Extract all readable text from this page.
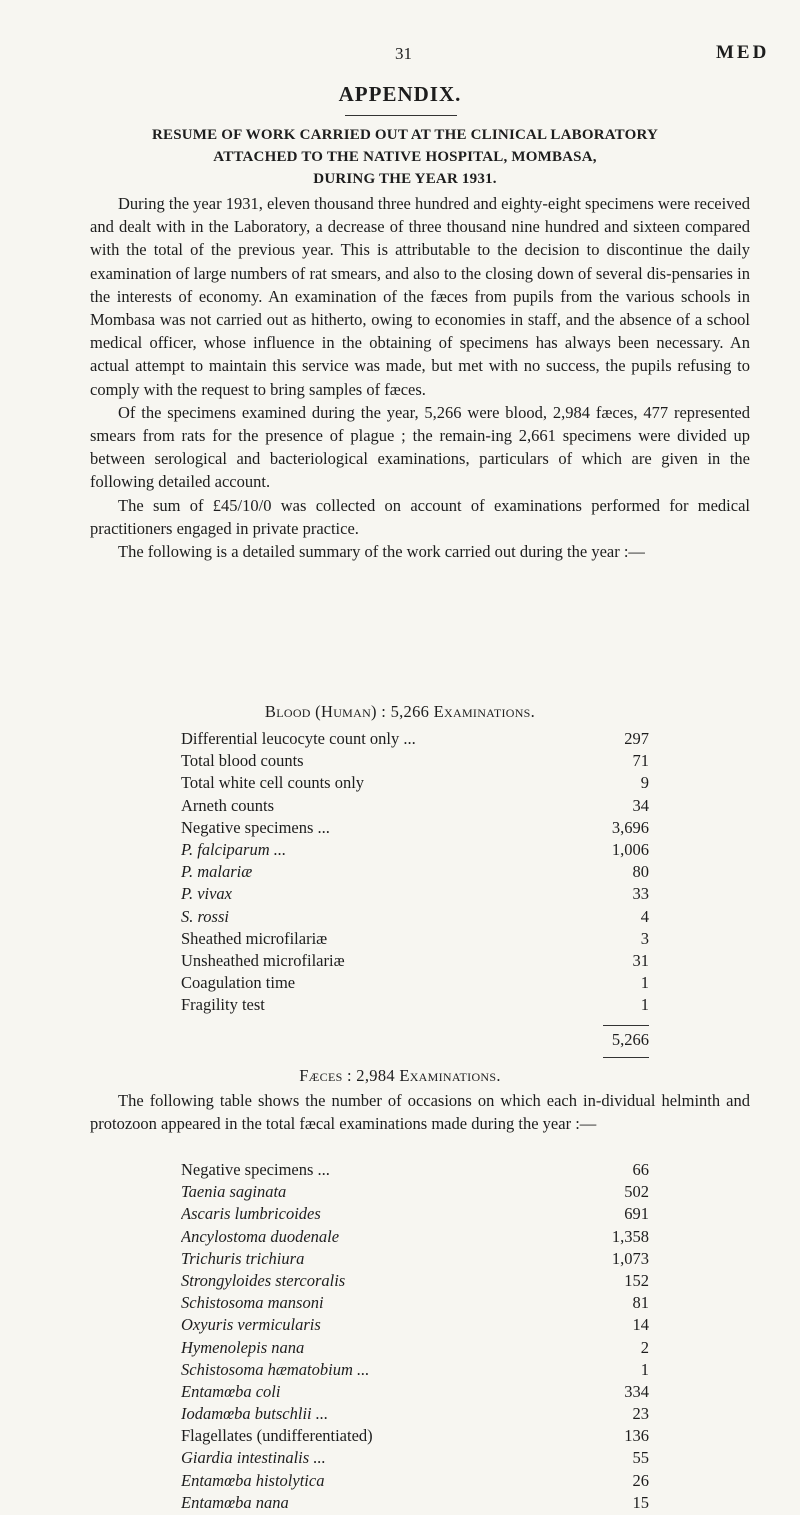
31	MED
APPENDIX.
RESUME OF WORK CARRIED OUT AT THE CLINICAL LABORATORY
ATTACHED TO THE NATIVE HOSPITAL, MOMBASA,
DURING THE YEAR 1931.

During the year 1931, eleven thousand three hundred and eighty-eight specimens were received and dealt with in the Laboratory, a decrease of three thousand nine hundred and sixteen compared with the total of the previous year. This is attributable to the decision to discontinue the daily examination of large numbers of rat smears, and also to the closing down of several dis-pensaries in the interests of economy. An examination of the fæces from pupils from the various schools in Mombasa was not carried out as hitherto, owing to economies in staff, and the absence of a school medical officer, whose influence in the obtaining of specimens has always been necessary. An actual attempt to maintain this service was made, but met with no success, the pupils refusing to comply with the request to bring samples of fæces.

Of the specimens examined during the year, 5,266 were blood, 2,984 fæces, 477 represented smears from rats for the presence of plague ; the remain-ing 2,661 specimens were divided up between serological and bacteriological examinations, particulars of which are given in the following detailed account.

The sum of £45/10/0 was collected on account of examinations performed for medical practitioners engaged in private practice.

The following is a detailed summary of the work carried out during the year :—

Blood (Human) : 5,266 Examinations.
Differential leucocyte count only ...	297
Total blood counts	71
Total white cell counts only	9
Arneth counts	34
Negative specimens ...	3,696
P. falciparum ...	1,006
P. malariæ	80
P. vivax	33
S. rossi	4
Sheathed microfilariæ	3
Unsheathed microfilariæ	31
Coagulation time	1
Fragility test	1
5,266
Fæces : 2,984 Examinations.

The following table shows the number of occasions on which each in-dividual helminth and protozoon appeared in the total fæcal examinations made during the year :—

Negative specimens ...	66
Taenia saginata	502
Ascaris lumbricoides	691
Ancylostoma duodenale	1,358
Trichuris trichiura	1,073
Strongyloides stercoralis	152
Schistosoma mansoni	81
Oxyuris vermicularis	14
Hymenolepis nana	2
Schistosoma hæmatobium ...	1
Entamœba coli	334
Iodamœba butschlii ...	23
Flagellates (undifferentiated)	136
Giardia intestinalis ...	55
Entamœba histolytica	26
Entamœba nana	15
